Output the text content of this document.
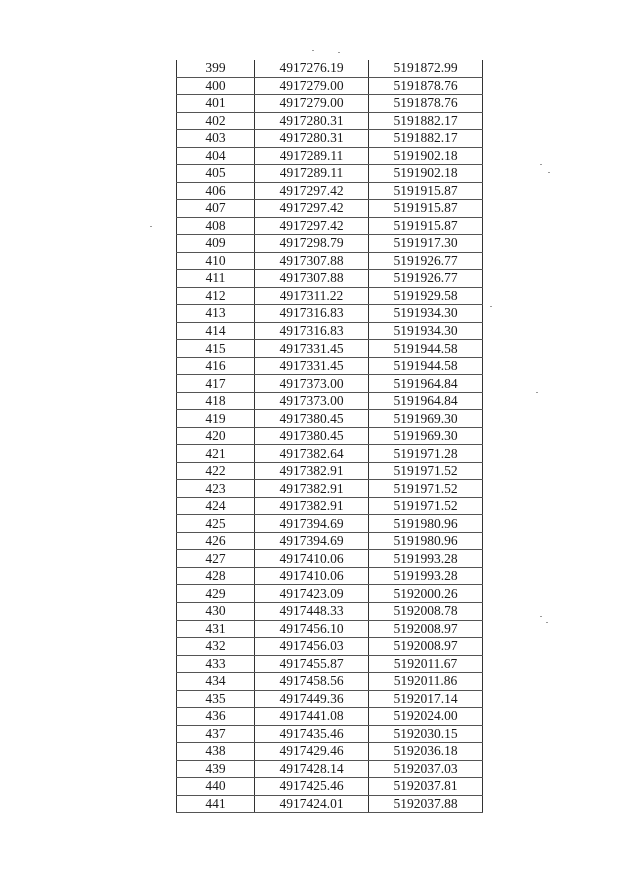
399	4917276.19	5191872.99
400	4917279.00	5191878.76
401	4917279.00	5191878.76
402	4917280.31	5191882.17
403	4917280.31	5191882.17
404	4917289.11	5191902.18
405	4917289.11	5191902.18
406	4917297.42	5191915.87
407	4917297.42	5191915.87
408	4917297.42	5191915.87
409	4917298.79	5191917.30
410	4917307.88	5191926.77
411	4917307.88	5191926.77
412	4917311.22	5191929.58
413	4917316.83	5191934.30
414	4917316.83	5191934.30
415	4917331.45	5191944.58
416	4917331.45	5191944.58
417	4917373.00	5191964.84
418	4917373.00	5191964.84
419	4917380.45	5191969.30
420	4917380.45	5191969.30
421	4917382.64	5191971.28
422	4917382.91	5191971.52
423	4917382.91	5191971.52
424	4917382.91	5191971.52
425	4917394.69	5191980.96
426	4917394.69	5191980.96
427	4917410.06	5191993.28
428	4917410.06	5191993.28
429	4917423.09	5192000.26
430	4917448.33	5192008.78
431	4917456.10	5192008.97
432	4917456.03	5192008.97
433	4917455.87	5192011.67
434	4917458.56	5192011.86
435	4917449.36	5192017.14
436	4917441.08	5192024.00
437	4917435.46	5192030.15
438	4917429.46	5192036.18
439	4917428.14	5192037.03
440	4917425.46	5192037.81
441	4917424.01	5192037.88
